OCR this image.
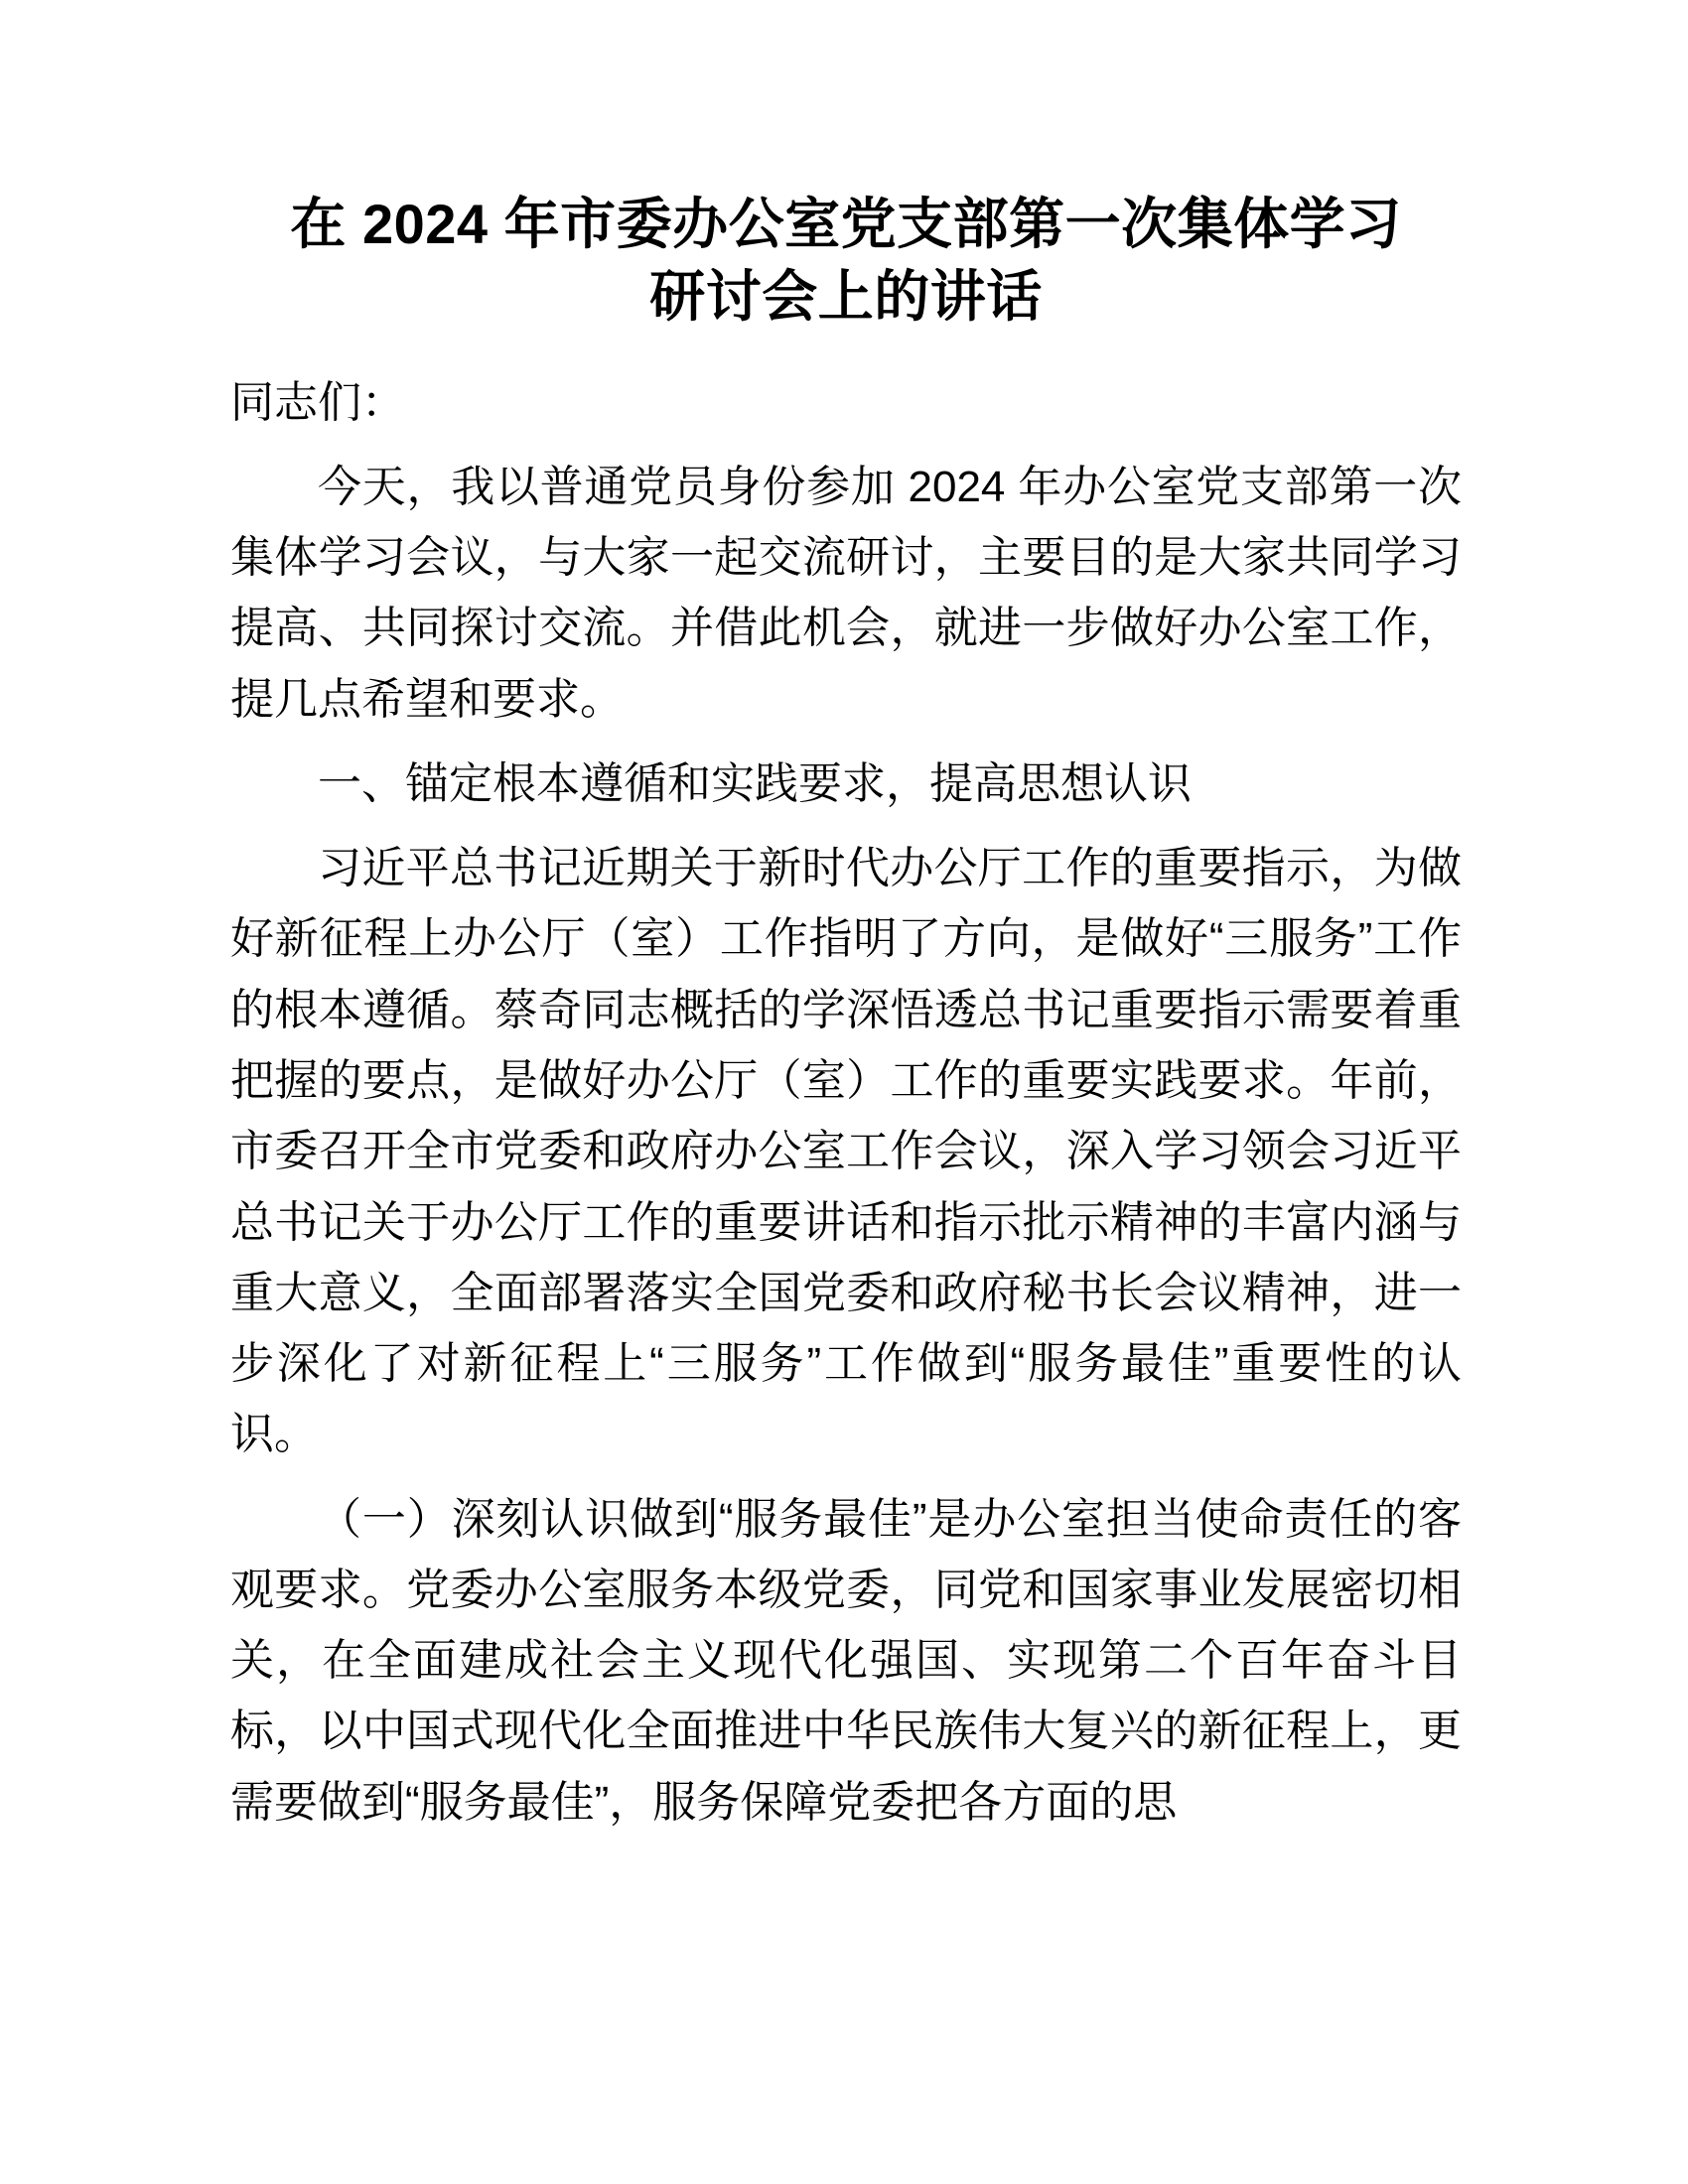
在 2024 年市委办公室党支部第一次集体学习研讨会上的讲话

同志们：

今天，我以普通党员身份参加 2024 年办公室党支部第一次集体学习会议，与大家一起交流研讨，主要目的是大家共同学习提高、共同探讨交流。并借此机会，就进一步做好办公室工作，提几点希望和要求。

一、锚定根本遵循和实践要求，提高思想认识

习近平总书记近期关于新时代办公厅工作的重要指示，为做好新征程上办公厅（室）工作指明了方向，是做好“三服务”工作的根本遵循。蔡奇同志概括的学深悟透总书记重要指示需要着重把握的要点，是做好办公厅（室）工作的重要实践要求。年前，市委召开全市党委和政府办公室工作会议，深入学习领会习近平总书记关于办公厅工作的重要讲话和指示批示精神的丰富内涵与重大意义，全面部署落实全国党委和政府秘书长会议精神，进一步深化了对新征程上“三服务”工作做到“服务最佳”重要性的认识。

（一）深刻认识做到“服务最佳”是办公室担当使命责任的客观要求。党委办公室服务本级党委，同党和国家事业发展密切相关，在全面建成社会主义现代化强国、实现第二个百年奋斗目标，以中国式现代化全面推进中华民族伟大复兴的新征程上，更需要做到“服务最佳”，服务保障党委把各方面的思
